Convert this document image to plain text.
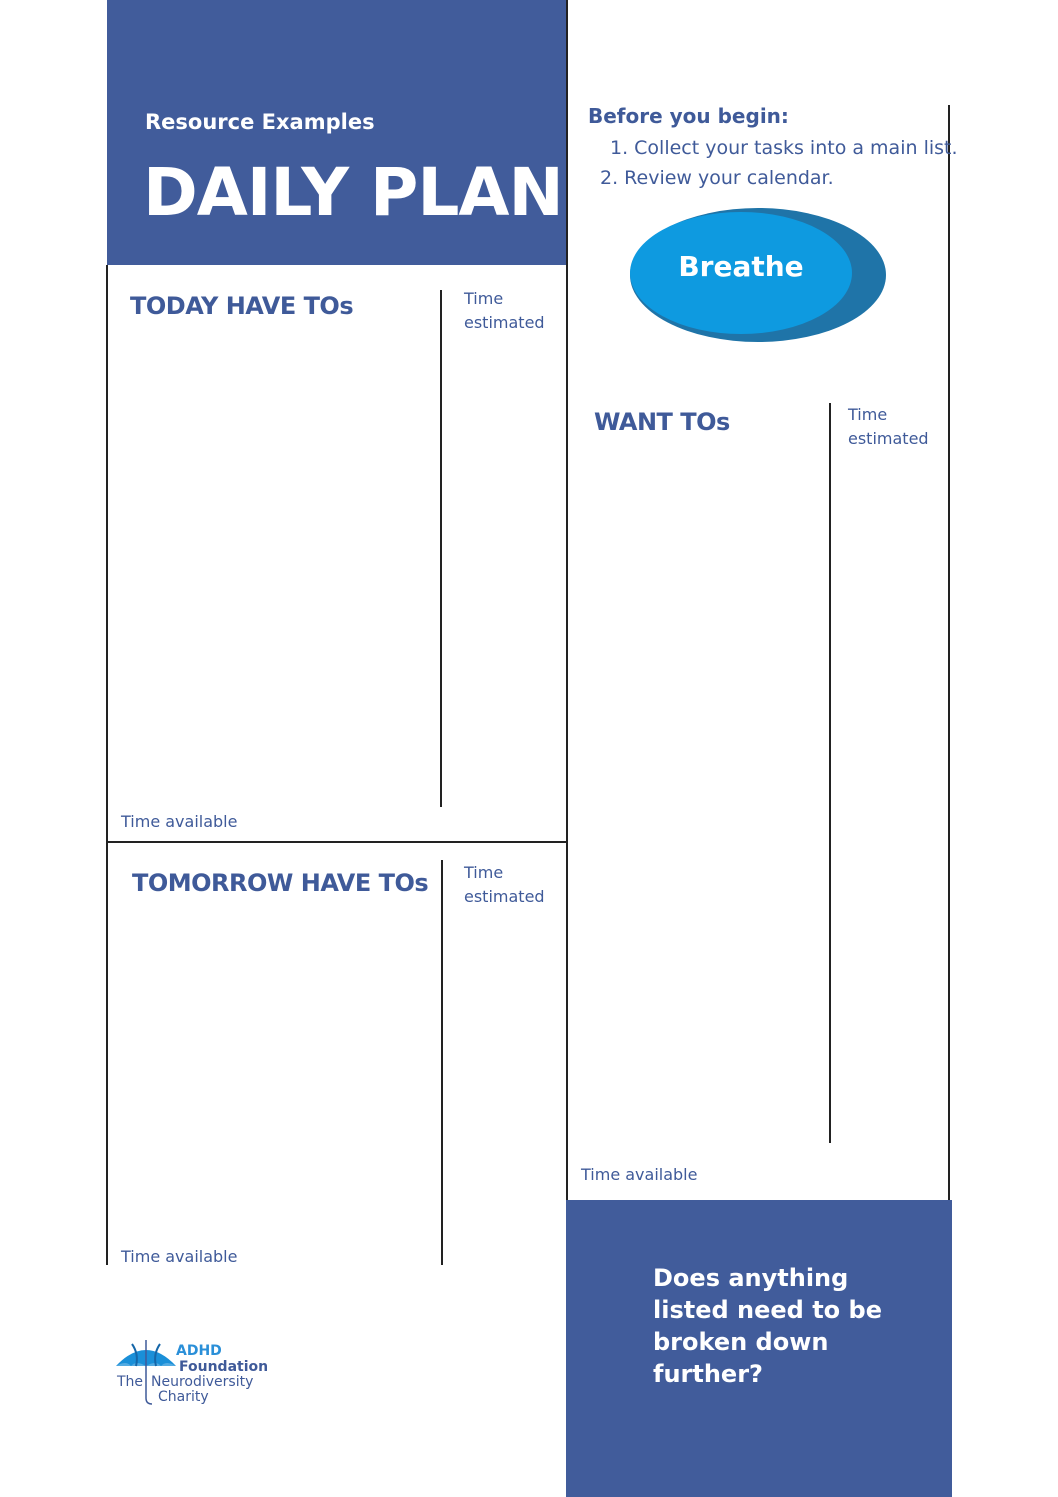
Resource Examples
DAILY PLAN
TODAY HAVE TOs	Time estimated
Time available
TOMORROW HAVE TOs Time estimated
Time available
Before you begin:
1. Collect your tasks into a main list.
2. Review your calendar.
Breathe
WANT TOs	Time estimated
Time available
Does anything listed need to be broken down further?
ADHD
Foundation
The Neurodiversity
Charity
